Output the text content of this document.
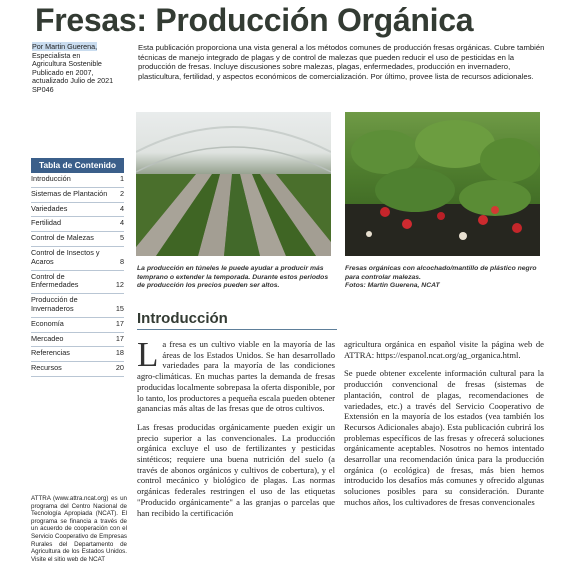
Fresas: Producción Orgánica
Por Martin Guerena,
Especialista en
Agricultura Sostenible
Publicado en 2007,
actualizado Julio de 2021
SP046
Esta publicación proporciona una vista general a los métodos comunes de producción fresas orgánicas. Cubre también técnicas de manejo integrado de plagas y de control de malezas que pueden reducir el uso de pesticidas en la producción de fresas. Incluye discusiones sobre malezas, plagas, enfermedades, producción en invernadero, plasticultura, fertilidad, y aspectos económicos de comercialización. Por último, provee lista de recursos adicionales.
Tabla de Contenido
Introducción	1
Sistemas de Plantación	2
Variedades	4
Fertilidad	4
Control de Malezas	5
Control de Insectos y Acaros	8
Control de Enfermedades	12
Producción de Invernaderos	15
Economía	17
Mercadeo	17
Referencias	18
Recursos	20
La producción en túneles le puede ayudar a producir más temprano o extender la temporada. Durante estos periodos de producción los precios pueden ser altos.
Fresas orgánicas con alcochado/mantillo de plástico negro para controlar malezas.
Fotos: Martin Guerena, NCAT
Introducción

La fresa es un cultivo viable en la mayoría de las áreas de los Estados Unidos. Se han desarrollado variedades para la mayoría de las condiciones agro-climáticas. En muchas partes la demanda de fresas producidas localmente sobrepasa la oferta disponible, por lo tanto, los productores a pequeña escala pueden obtener ganancias más altas de las fresas que de otros cultivos.

Las fresas producidas orgánicamente pueden exigir un precio superior a las convencionales. La producción orgánica excluye el uso de fertilizantes y pesticidas sintéticos; requiere una buena nutrición del suelo (a través de abonos orgánicos y cultivos de cobertura), y el control mecánico y biológico de plagas. Las normas orgánicas federales restringen el uso de las etiquetas "Producido orgánicamente" a las granjas o parcelas que han recibido la certificación

agricultura orgánica en español visite la página web de ATTRA: https://espanol.ncat.org/ag_organica.html.

Se puede obtener excelente información cultural para la producción convencional de fresas (sistemas de plantación, control de plagas, recomendaciones de variedades, etc.) a través del Servicio Cooperativo de Extensión en la mayoría de los estados (vea también los Recursos Adicionales abajo). Esta publicación cubrirá los problemas específicos de las fresas y ofrecerá soluciones orgánicamente aceptables. Nosotros no hemos intentado desarrollar una recomendación única para la producción orgánica (o ecológica) de fresas, más bien hemos introducido los desafíos más comunes y ofrecido algunas soluciones posibles para su consideración. Durante muchos años, los cultivadores de fresas convencionales

ATTRA (www.attra.ncat.org) es un programa del Centro Nacional de Tecnología Apropiada (NCAT). El programa se financia a través de un acuerdo de cooperación con el Servicio Cooperativo de Empresas Rurales del Departamento de Agricultura de los Estados Unidos. Visite el sitio web de NCAT
